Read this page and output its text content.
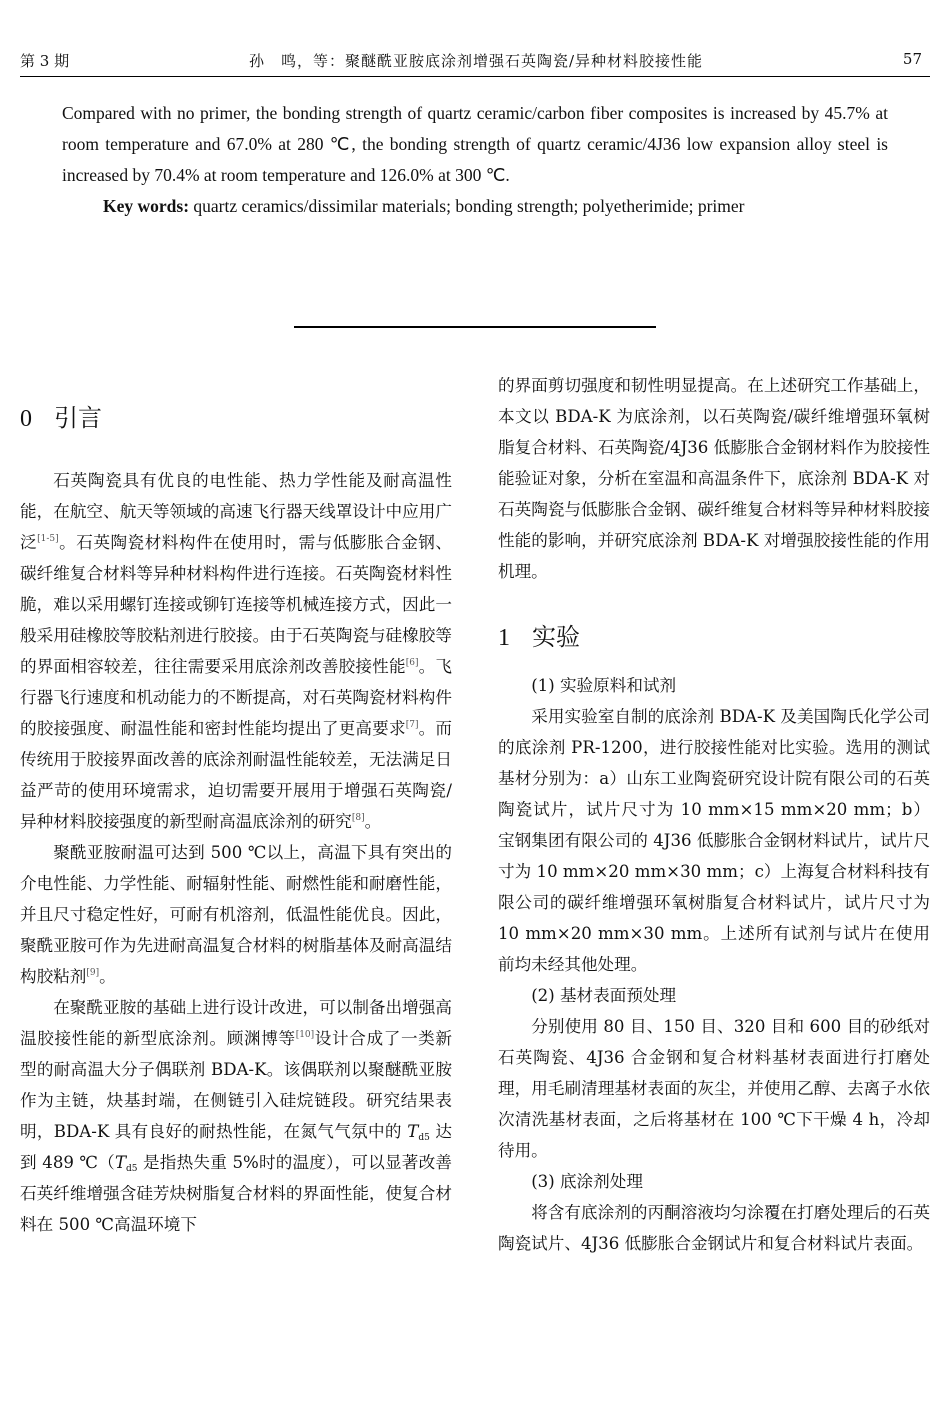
第 3 期	孙　鸣，等：聚醚酰亚胺底涂剂增强石英陶瓷/异种材料胶接性能	57

Compared with no primer, the bonding strength of quartz ceramic/carbon fiber composites is increased by 45.7% at room temperature and 67.0% at 280 ℃, the bonding strength of quartz ceramic/4J36 low expansion alloy steel is increased by 70.4% at room temperature and 126.0% at 300 ℃.

Key words: quartz ceramics/dissimilar materials; bonding strength; polyetherimide; primer

0 引言

石英陶瓷具有优良的电性能、热力学性能及耐高温性能，在航空、航天等领域的高速飞行器天线罩设计中应用广泛[1-5]。石英陶瓷材料构件在使用时，需与低膨胀合金钢、碳纤维复合材料等异种材料构件进行连接。石英陶瓷材料性脆，难以采用螺钉连接或铆钉连接等机械连接方式，因此一般采用硅橡胶等胶粘剂进行胶接。由于石英陶瓷与硅橡胶等的界面相容较差，往往需要采用底涂剂改善胶接性能[6]。飞行器飞行速度和机动能力的不断提高，对石英陶瓷材料构件的胶接强度、耐温性能和密封性能均提出了更高要求[7]。而传统用于胶接界面改善的底涂剂耐温性能较差，无法满足日益严苛的使用环境需求，迫切需要开展用于增强石英陶瓷/异种材料胶接强度的新型耐高温底涂剂的研究[8]。

聚酰亚胺耐温可达到 500 ℃以上，高温下具有突出的介电性能、力学性能、耐辐射性能、耐燃性能和耐磨性能，并且尺寸稳定性好，可耐有机溶剂，低温性能优良。因此，聚酰亚胺可作为先进耐高温复合材料的树脂基体及耐高温结构胶粘剂[9]。

在聚酰亚胺的基础上进行设计改进，可以制备出增强高温胶接性能的新型底涂剂。顾渊博等[10]设计合成了一类新型的耐高温大分子偶联剂 BDA-K。该偶联剂以聚醚酰亚胺作为主链，炔基封端，在侧链引入硅烷链段。研究结果表明，BDA-K 具有良好的耐热性能，在氮气气氛中的 $T_{d5}$ 达到 489 $℃(T_{d5}$ 是指热失重 5%时的温度），可以显著改善石英纤维增强含硅芳炔树脂复合材料的界面性能，使复合材料在 500 ℃高温环境下

的界面剪切强度和韧性明显提高。在上述研究工作基础上，本文以 BDA-K 为底涂剂，以石英陶瓷/碳纤维增强环氧树脂复合材料、石英陶瓷/4J36 低膨胀合金钢材料作为胶接性能验证对象，分析在室温和高温条件下，底涂剂 BDA-K 对石英陶瓷与低膨胀合金钢、碳纤维复合材料等异种材料胶接性能的影响，并研究底涂剂 BDA-K 对增强胶接性能的作用机理。

1 实验

(1) 实验原料和试剂

采用实验室自制的底涂剂 BDA-K 及美国陶氏化学公司的底涂剂 PR-1200，进行胶接性能对比实验。选用的测试基材分别为：a）山东工业陶瓷研究设计院有限公司的石英陶瓷试片，试片尺寸为 10 mm×15 mm×20 mm；b）宝钢集团有限公司的 4J36 低膨胀合金钢材料试片，试片尺寸为 10 mm×20 mm×30 mm；c）上海复合材料科技有限公司的碳纤维增强环氧树脂复合材料试片，试片尺寸为 10 mm×20 mm×30 mm。上述所有试剂与试片在使用前均未经其他处理。

(2) 基材表面预处理

分别使用 80 目、150 目、320 目和 600 目的砂纸对石英陶瓷、4J36 合金钢和复合材料基材表面进行打磨处理，用毛刷清理基材表面的灰尘，并使用乙醇、去离子水依次清洗基材表面，之后将基材在 100 ℃下干燥 4 h，冷却待用。

(3) 底涂剂处理

将含有底涂剂的丙酮溶液均匀涂覆在打磨处理后的石英陶瓷试片、4J36 低膨胀合金钢试片和复合材料试片表面。
